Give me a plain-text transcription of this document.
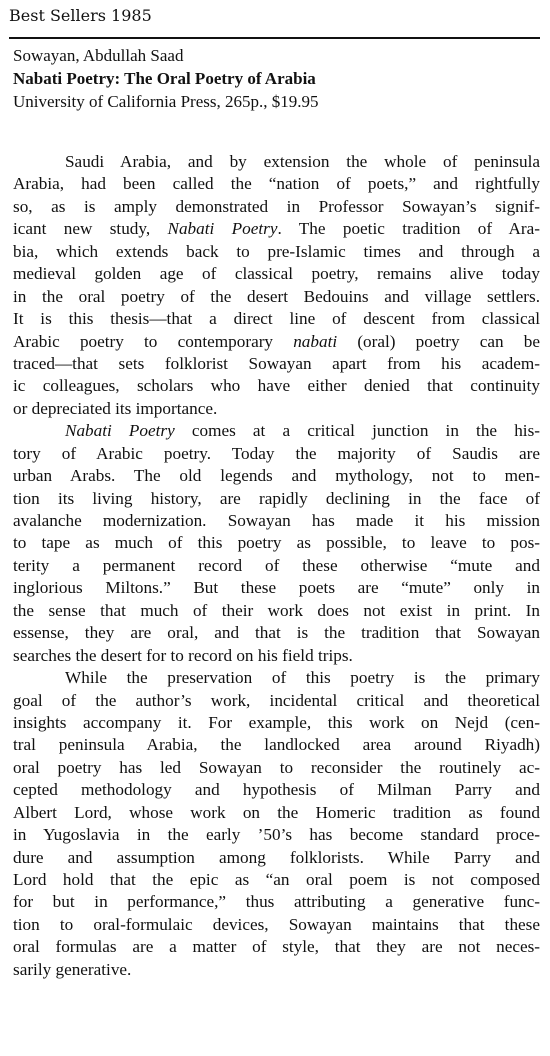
Best Sellers 1985
Sowayan, Abdullah Saad
Nabati Poetry: The Oral Poetry of Arabia
University of California Press, 265p., $19.95
Saudi Arabia, and by extension the whole of peninsula
Arabia, had been called the “nation of poets,” and rightfully
so, as is amply demonstrated in Professor Sowayan’s signif-
icant new study, Nabati Poetry. The poetic tradition of Ara-
bia, which extends back to pre-Islamic times and through a
medieval golden age of classical poetry, remains alive today
in the oral poetry of the desert Bedouins and village settlers.
It is this thesis—that a direct line of descent from classical
Arabic poetry to contemporary nabati (oral) poetry can be
traced—that sets folklorist Sowayan apart from his academ-
ic colleagues, scholars who have either denied that continuity
or depreciated its importance.
Nabati Poetry comes at a critical junction in the his-
tory of Arabic poetry. Today the majority of Saudis are
urban Arabs. The old legends and mythology, not to men-
tion its living history, are rapidly declining in the face of
avalanche modernization. Sowayan has made it his mission
to tape as much of this poetry as possible, to leave to pos-
terity a permanent record of these otherwise “mute and
inglorious Miltons.” But these poets are “mute” only in
the sense that much of their work does not exist in print. In
essense, they are oral, and that is the tradition that Sowayan
searches the desert for to record on his field trips.
While the preservation of this poetry is the primary
goal of the author’s work, incidental critical and theoretical
insights accompany it. For example, this work on Nejd (cen-
tral peninsula Arabia, the landlocked area around Riyadh)
oral poetry has led Sowayan to reconsider the routinely ac-
cepted methodology and hypothesis of Milman Parry and
Albert Lord, whose work on the Homeric tradition as found
in Yugoslavia in the early ’50’s has become standard proce-
dure and assumption among folklorists. While Parry and
Lord hold that the epic as “an oral poem is not composed
for but in performance,” thus attributing a generative func-
tion to oral-formulaic devices, Sowayan maintains that these
oral formulas are a matter of style, that they are not neces-
sarily generative.
